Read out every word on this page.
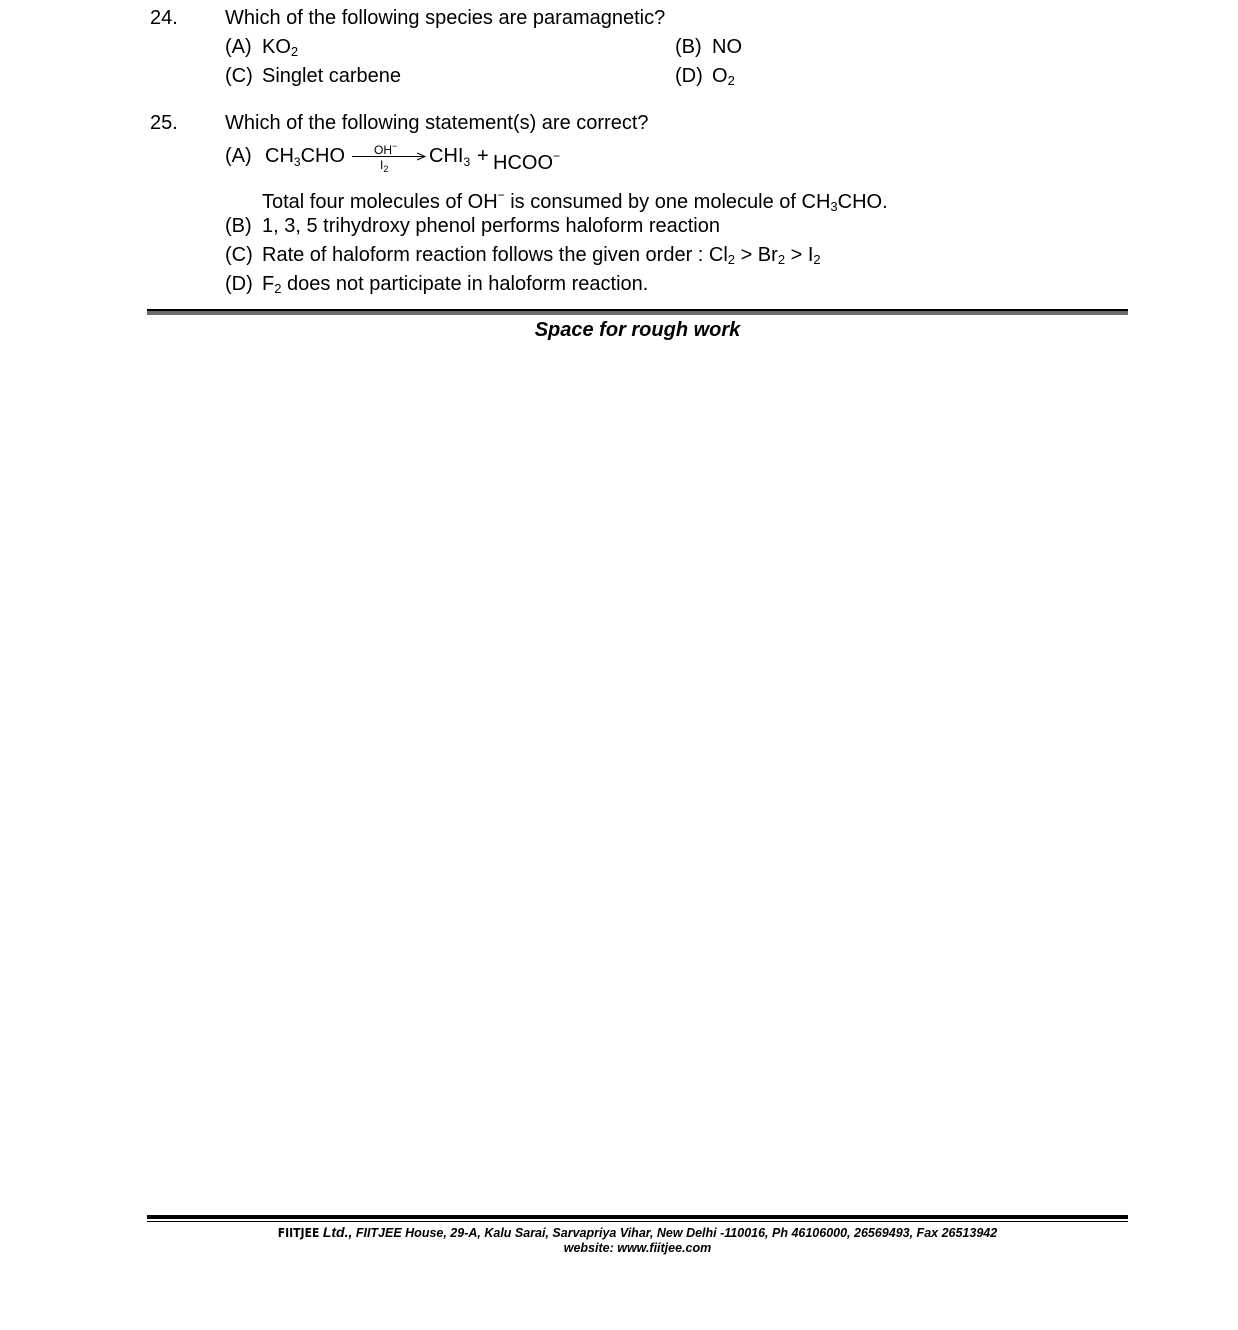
24. Which of the following species are paramagnetic?
(A) $KO_2$	(B) NO
(C) Singlet carbene	(D) $O_2$
25. Which of the following statement(s) are correct?
(A) $CH_3CHO$ OH−
$I_2$
$CHI_3$ + HCOO−
Total four molecules of OH− is consumed by one molecule of $CH_3CHO$.
(B) 1, 3, 5 trihydroxy phenol performs haloform reaction
(C) Rate of haloform reaction follows the given order : $Cl_2 > Br_2 > I_2$
(D) $F_2$ does not participate in haloform reaction.
Space for rough work
FIITJEE Ltd., FIITJEE House, 29-A, Kalu Sarai, Sarvapriya Vihar, New Delhi -110016, Ph 46106000, 26569493, Fax 26513942
website: www.fiitjee.com
